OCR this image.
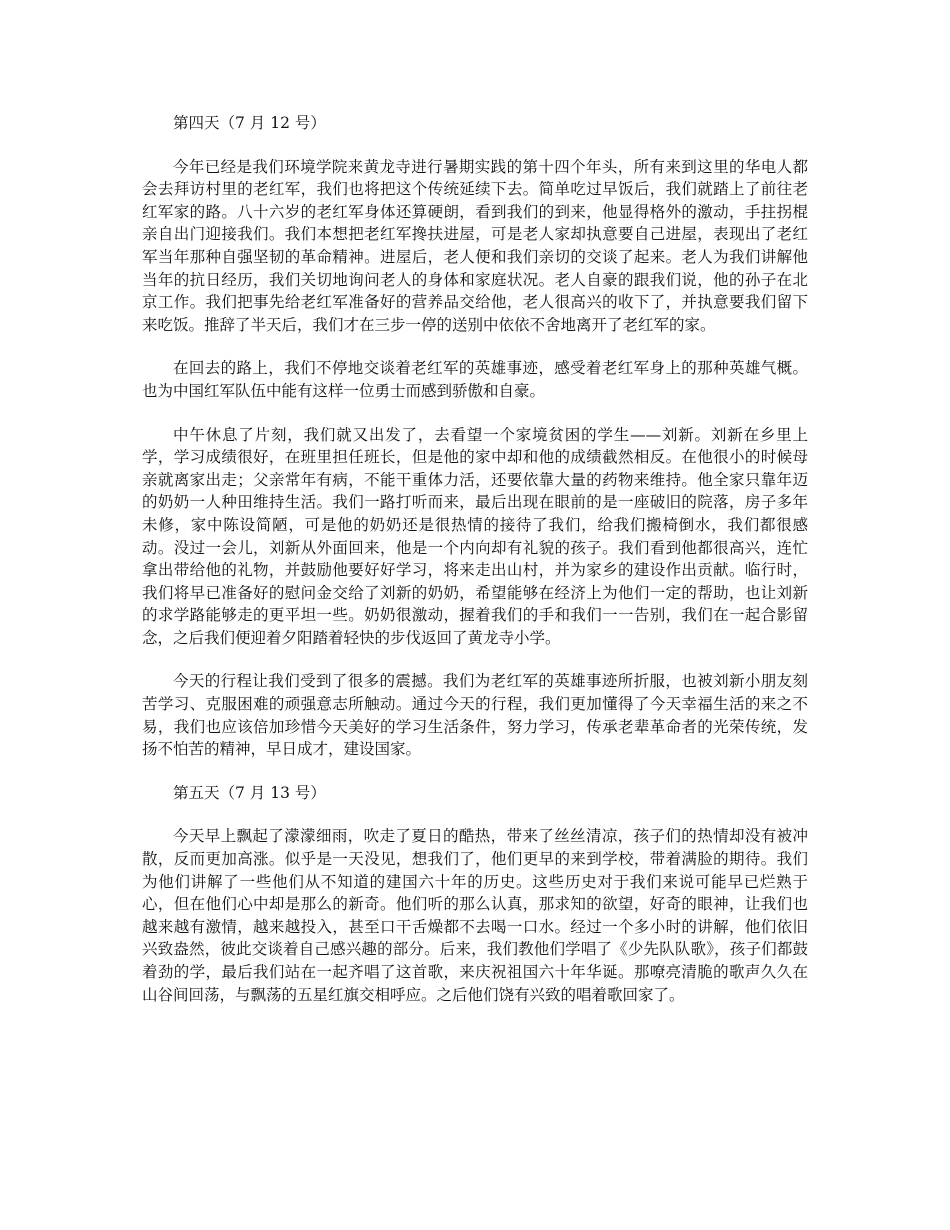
第四天（7 月 12 号）

今年已经是我们环境学院来黄龙寺进行暑期实践的第十四个年头，所有来到这里的华电人都会去拜访村里的老红军，我们也将把这个传统延续下去。简单吃过早饭后，我们就踏上了前往老红军家的路。八十六岁的老红军身体还算硬朗，看到我们的到来，他显得格外的激动，手拄拐棍亲自出门迎接我们。我们本想把老红军搀扶进屋，可是老人家却执意要自己进屋，表现出了老红军当年那种自强坚韧的革命精神。进屋后，老人便和我们亲切的交谈了起来。老人为我们讲解他当年的抗日经历，我们关切地询问老人的身体和家庭状况。老人自豪的跟我们说，他的孙子在北京工作。我们把事先给老红军准备好的营养品交给他，老人很高兴的收下了，并执意要我们留下来吃饭。推辞了半天后，我们才在三步一停的送别中依依不舍地离开了老红军的家。

在回去的路上，我们不停地交谈着老红军的英雄事迹，感受着老红军身上的那种英雄气概。也为中国红军队伍中能有这样一位勇士而感到骄傲和自豪。

中午休息了片刻，我们就又出发了，去看望一个家境贫困的学生——刘新。刘新在乡里上学，学习成绩很好，在班里担任班长，但是他的家中却和他的成绩截然相反。在他很小的时候母亲就离家出走；父亲常年有病，不能干重体力活，还要依靠大量的药物来维持。他全家只靠年迈的奶奶一人种田维持生活。我们一路打听而来，最后出现在眼前的是一座破旧的院落，房子多年未修，家中陈设简陋，可是他的奶奶还是很热情的接待了我们，给我们搬椅倒水，我们都很感动。没过一会儿，刘新从外面回来，他是一个内向却有礼貌的孩子。我们看到他都很高兴，连忙拿出带给他的礼物，并鼓励他要好好学习，将来走出山村，并为家乡的建设作出贡献。临行时，我们将早已准备好的慰问金交给了刘新的奶奶，希望能够在经济上为他们一定的帮助，也让刘新的求学路能够走的更平坦一些。奶奶很激动，握着我们的手和我们一一告别，我们在一起合影留念，之后我们便迎着夕阳踏着轻快的步伐返回了黄龙寺小学。

今天的行程让我们受到了很多的震撼。我们为老红军的英雄事迹所折服，也被刘新小朋友刻苦学习、克服困难的顽强意志所触动。通过今天的行程，我们更加懂得了今天幸福生活的来之不易，我们也应该倍加珍惜今天美好的学习生活条件，努力学习，传承老辈革命者的光荣传统，发扬不怕苦的精神，早日成才，建设国家。

第五天（7 月 13 号）

今天早上飘起了濛濛细雨，吹走了夏日的酷热，带来了丝丝清凉，孩子们的热情却没有被冲散，反而更加高涨。似乎是一天没见，想我们了，他们更早的来到学校，带着满脸的期待。我们为他们讲解了一些他们从不知道的建国六十年的历史。这些历史对于我们来说可能早已烂熟于心，但在他们心中却是那么的新奇。他们听的那么认真，那求知的欲望，好奇的眼神，让我们也越来越有激情，越来越投入，甚至口干舌燥都不去喝一口水。经过一个多小时的讲解，他们依旧兴致盎然，彼此交谈着自己感兴趣的部分。后来，我们教他们学唱了《少先队队歌》，孩子们都鼓着劲的学，最后我们站在一起齐唱了这首歌，来庆祝祖国六十年华诞。那嘹亮清脆的歌声久久在山谷间回荡，与飘荡的五星红旗交相呼应。之后他们饶有兴致的唱着歌回家了。
